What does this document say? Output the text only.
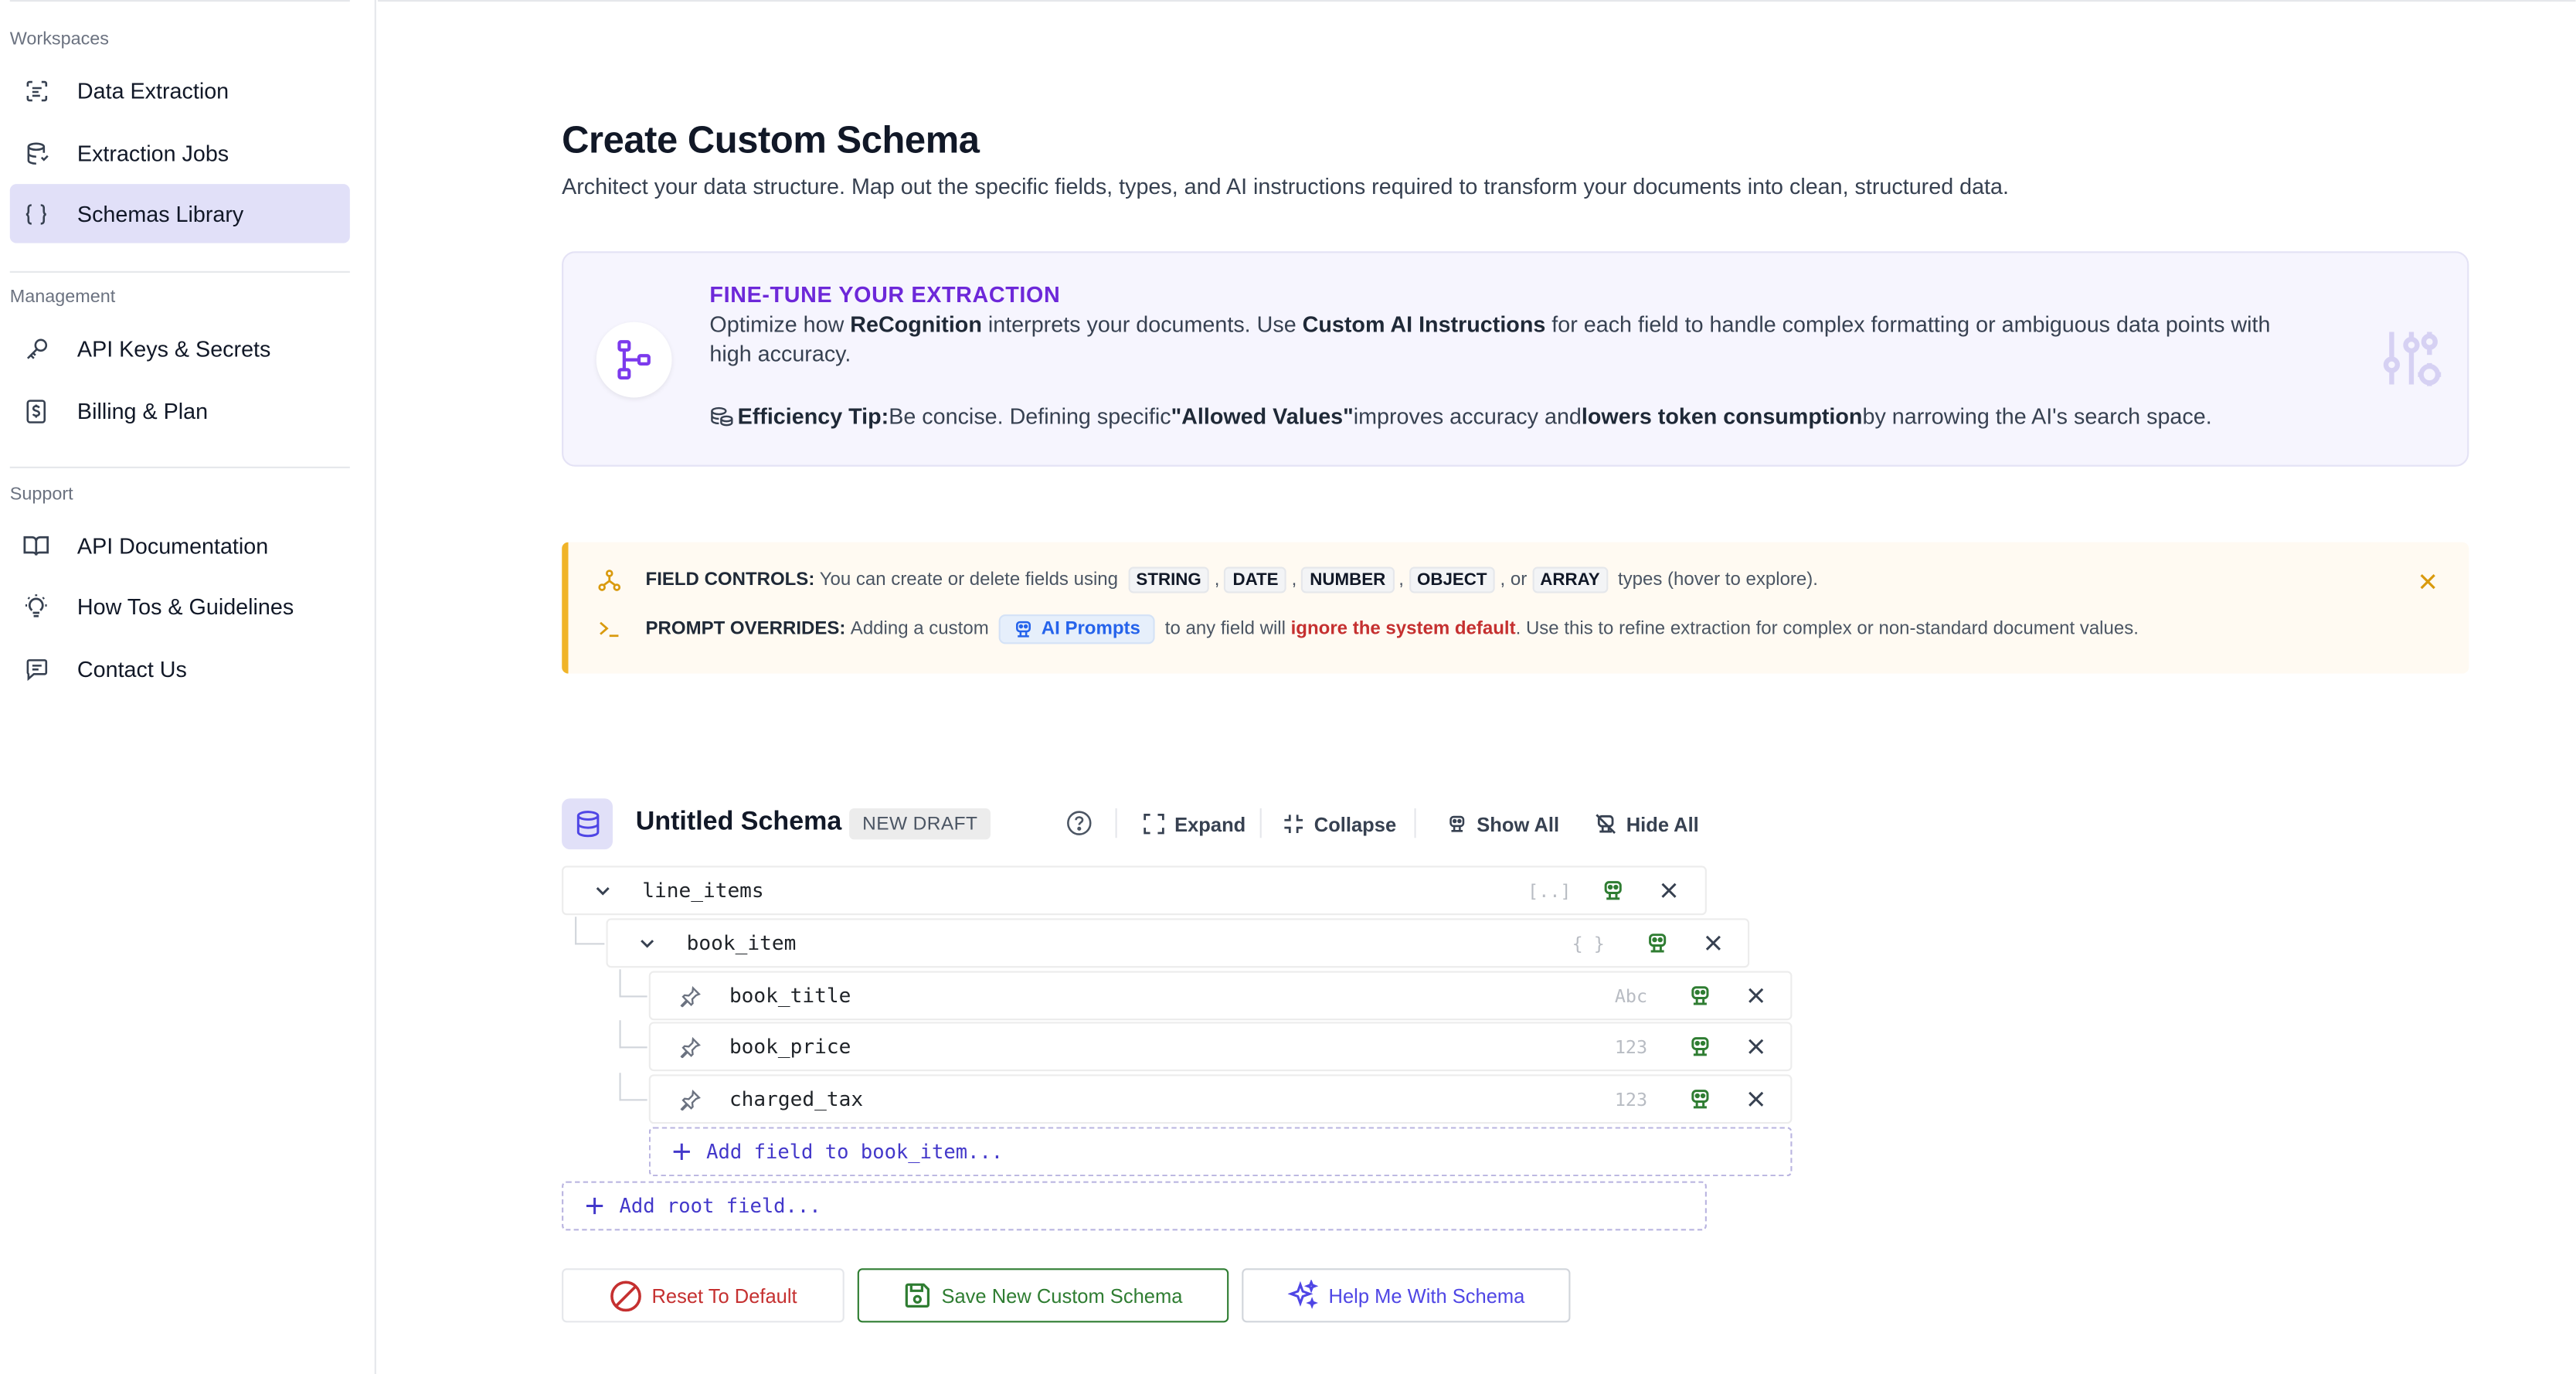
Workspaces
Data Extraction
Extraction Jobs
Schemas Library
Management
API Keys & Secrets
Billing & Plan
Support
API Documentation
How Tos & Guidelines
Contact Us
Create Custom Schema

Architect your data structure. Map out the specific fields, types, and AI instructions required to transform your documents into clean, structured data.

FINE-TUNE YOUR EXTRACTION
Optimize how ReCognition interprets your documents. Use Custom AI Instructions for each field to handle complex formatting or ambiguous data points with high accuracy.
Efficiency Tip: Be concise. Defining specific "Allowed Values" improves accuracy and lowers token consumption by narrowing the AI's search space.
FIELD CONTROLS: You can create or delete fields using	STRING	,	DATE	,	NUMBER	,	OBJECT	, or	ARRAY	types (hover to explore).
PROMPT OVERRIDES: Adding a custom	AI Prompts	to any field will
ignore the system default . Use this to refine extraction for complex or non-standard document values.
Untitled Schema	NEW DRAFT	Expand	Collapse	Show All	Hide All
line_items	[..]
book_item	{ }
book_title	Abc
book_price	123
charged_tax	123
Add field to book_item...
Add root field...
Reset To Default	Save New Custom Schema	Help Me With Schema
